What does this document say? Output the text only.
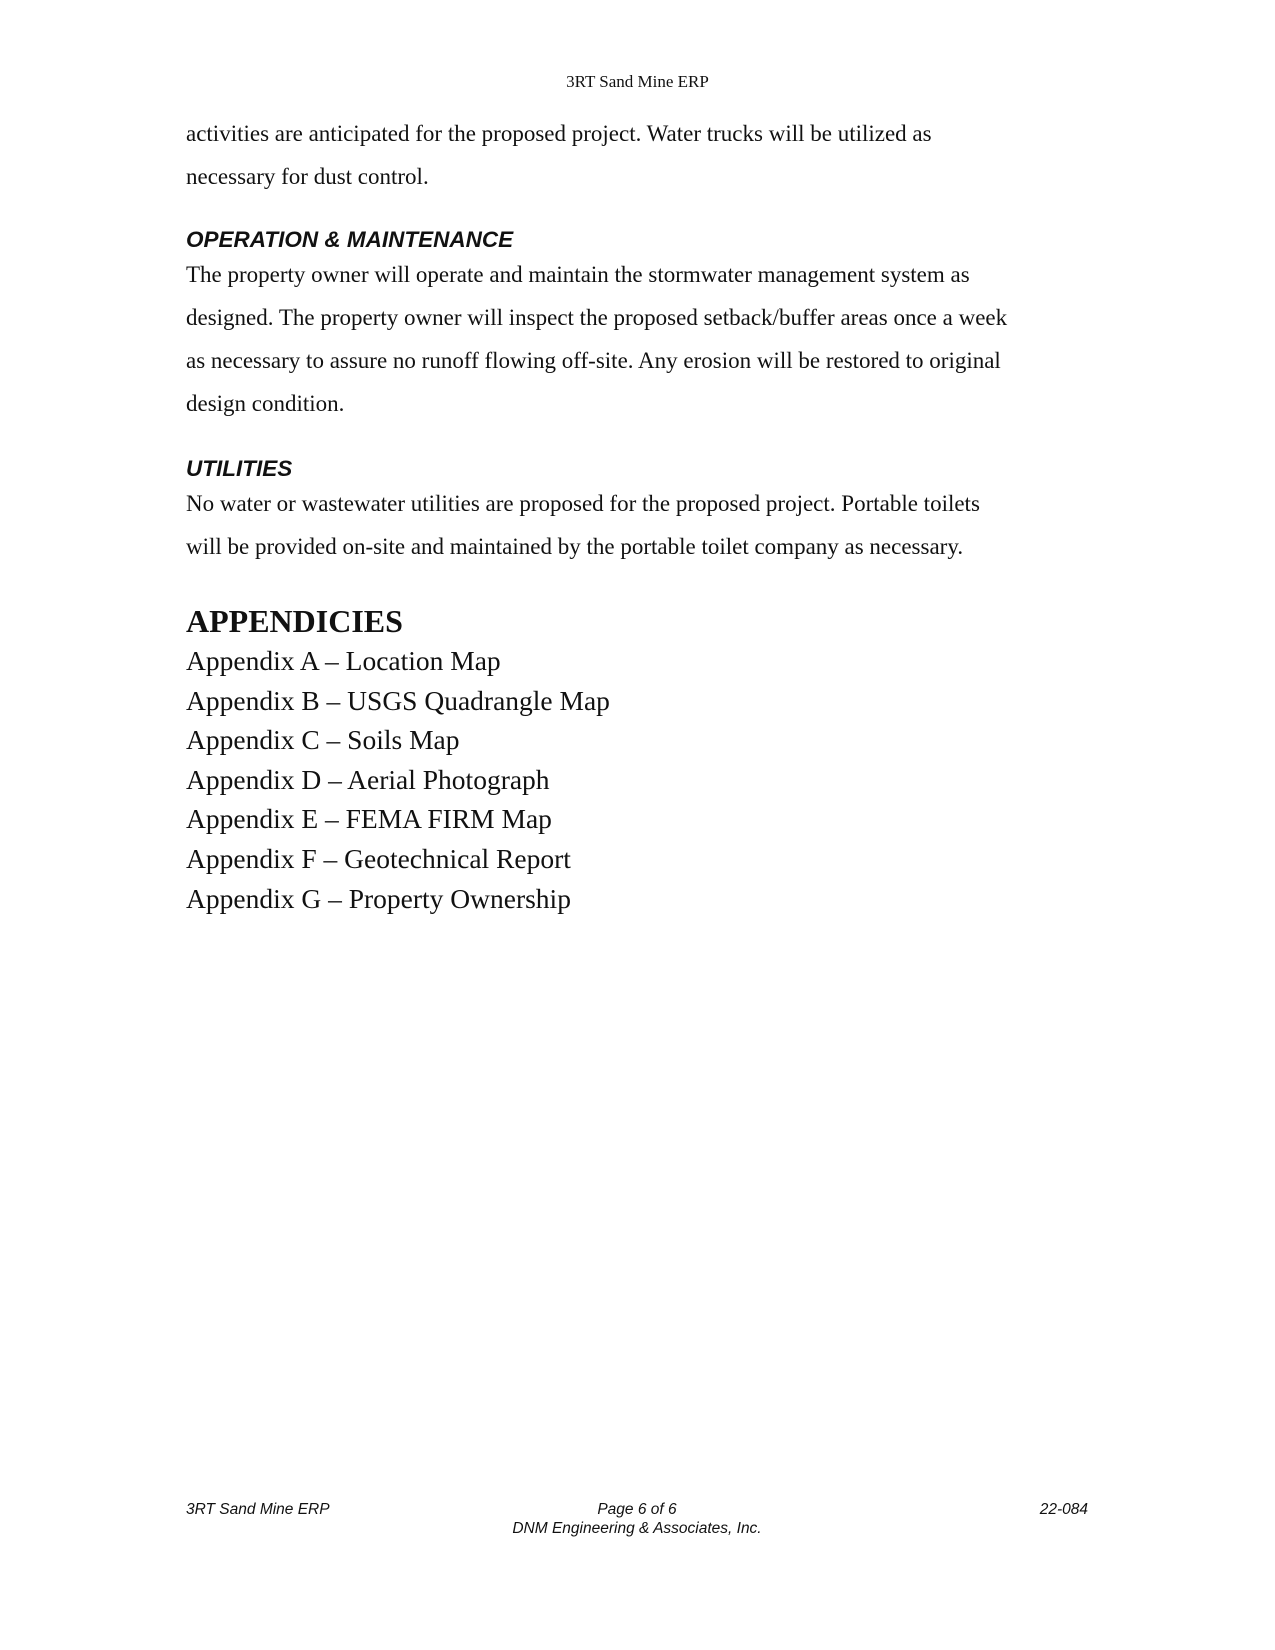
3RT Sand Mine ERP

activities are anticipated for the proposed project. Water trucks will be utilized as

necessary for dust control.

OPERATION & MAINTENANCE

The property owner will operate and maintain the stormwater management system as

designed. The property owner will inspect the proposed setback/buffer areas once a week

as necessary to assure no runoff flowing off-site. Any erosion will be restored to original

design condition.

UTILITIES

No water or wastewater utilities are proposed for the proposed project. Portable toilets

will be provided on-site and maintained by the portable toilet company as necessary.

APPENDICIES
Appendix A – Location Map
Appendix B – USGS Quadrangle Map
Appendix C – Soils Map
Appendix D – Aerial Photograph
Appendix E – FEMA FIRM Map
Appendix F – Geotechnical Report
Appendix G – Property Ownership
3RT Sand Mine ERP	Page 6 of 6
DNM Engineering & Associates, Inc.
22-084
